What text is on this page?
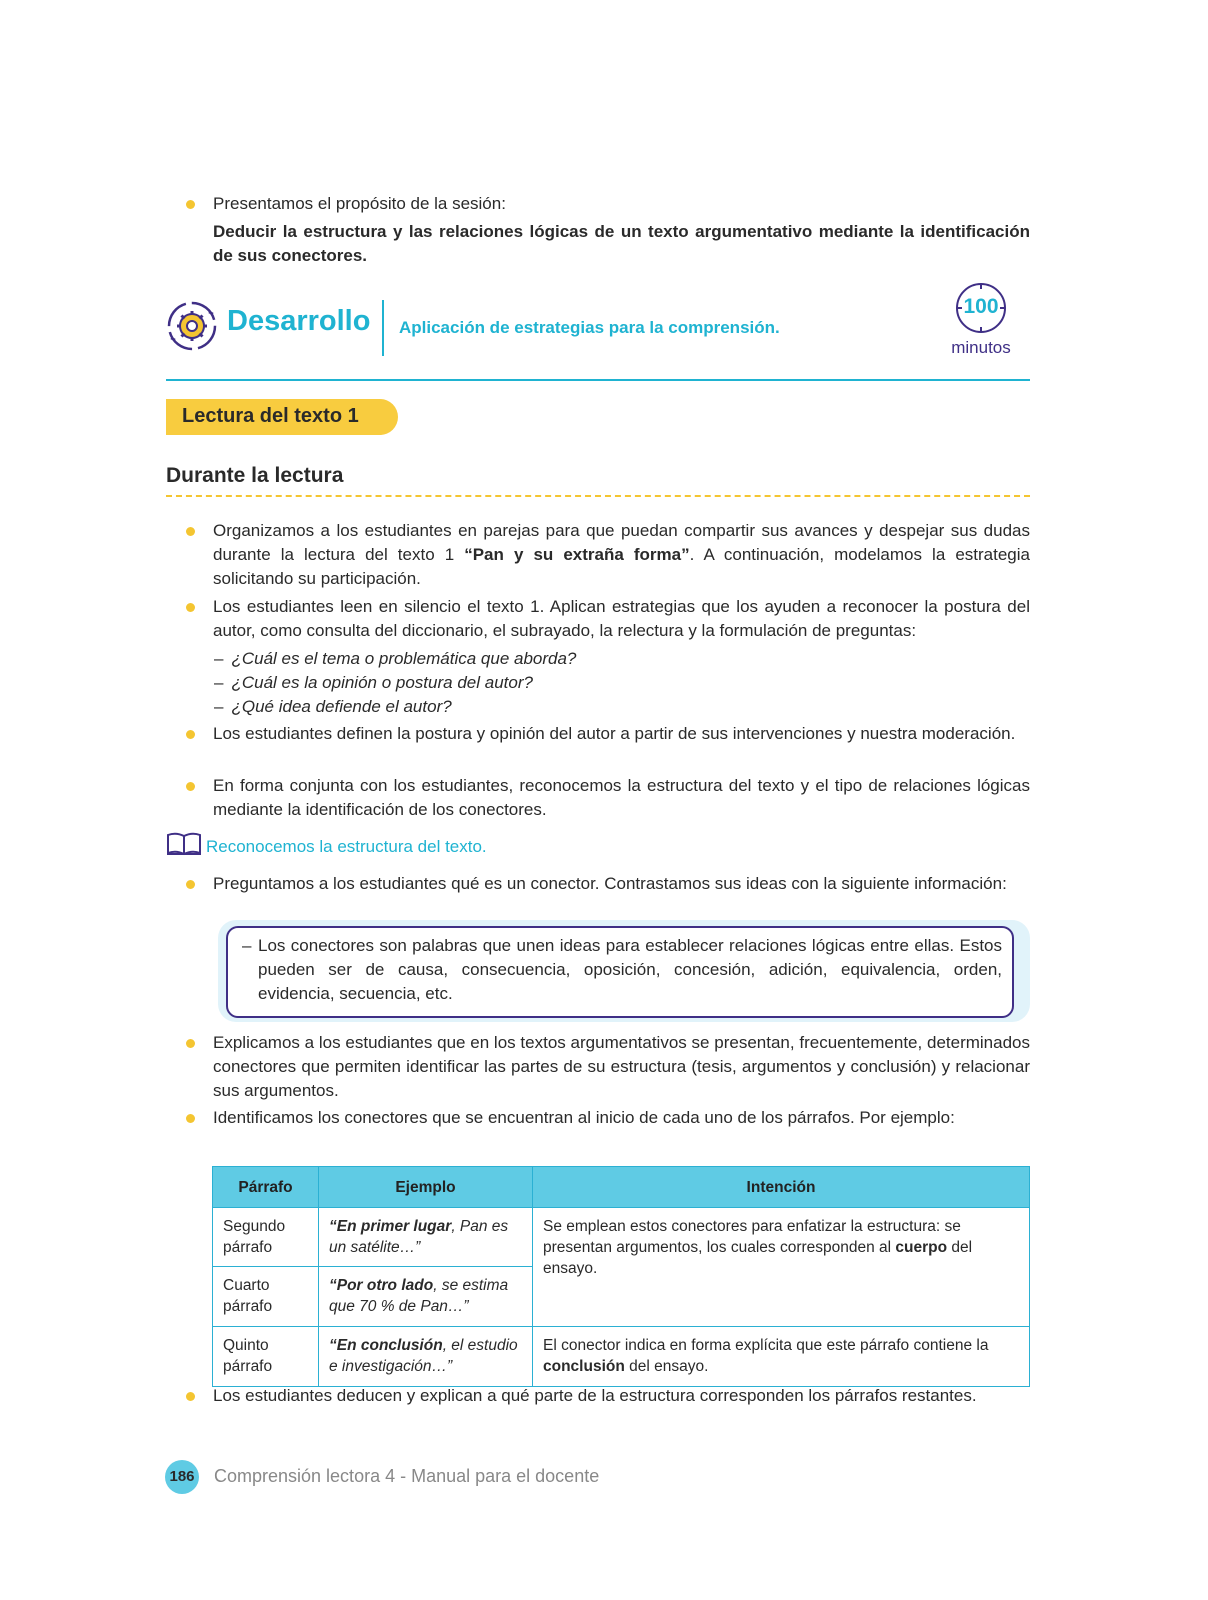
Presentamos el propósito de la sesión:
Deducir la estructura y las relaciones lógicas de un texto argumentativo mediante la identificación de sus conectores.
Desarrollo Aplicación de estrategias para la comprensión.
100
minutos
Lectura del texto 1
Durante la lectura
Organizamos a los estudiantes en parejas para que puedan compartir sus avances y despejar sus dudas durante la lectura del texto 1 “Pan y su extraña forma”. A continuación, modelamos la estrategia solicitando su participación.
Los estudiantes leen en silencio el texto 1. Aplican estrategias que los ayuden a reconocer la postura del autor, como consulta del diccionario, el subrayado, la relectura y la formulación de preguntas:
– ¿Cuál es el tema o problemática que aborda?
– ¿Cuál es la opinión o postura del autor?
– ¿Qué idea defiende el autor?
Los estudiantes definen la postura y opinión del autor a partir de sus intervenciones y nuestra moderación.
En forma conjunta con los estudiantes, reconocemos la estructura del texto y el tipo de relaciones lógicas mediante la identificación de los conectores.
Reconocemos la estructura del texto.
Preguntamos a los estudiantes qué es un conector. Contrastamos sus ideas con la siguiente información:
– Los conectores son palabras que unen ideas para establecer relaciones lógicas entre ellas. Estos pueden ser de causa, consecuencia, oposición, concesión, adición, equivalencia, orden, evidencia, secuencia, etc.
Explicamos a los estudiantes que en los textos argumentativos se presentan, frecuentemente, determinados conectores que permiten identificar las partes de su estructura (tesis, argumentos y conclusión) y relacionar sus argumentos.
Identificamos los conectores que se encuentran al inicio de cada uno de los párrafos. Por ejemplo:
Párrafo	Ejemplo	Intención
Segundo párrafo	“En primer lugar, Pan es un satélite…”	Se emplean estos conectores para enfatizar la estructura: se presentan argumentos, los cuales corresponden al cuerpo del ensayo.
Cuarto párrafo	“Por otro lado, se estima que 70 % de Pan…”	
Quinto párrafo	“En conclusión, el estudio e investigación…”	El conector indica en forma explícita que este párrafo contiene la conclusión del ensayo.
Los estudiantes deducen y explican a qué parte de la estructura corresponden los párrafos restantes.
186 Comprensión lectora 4 - Manual para el docente
